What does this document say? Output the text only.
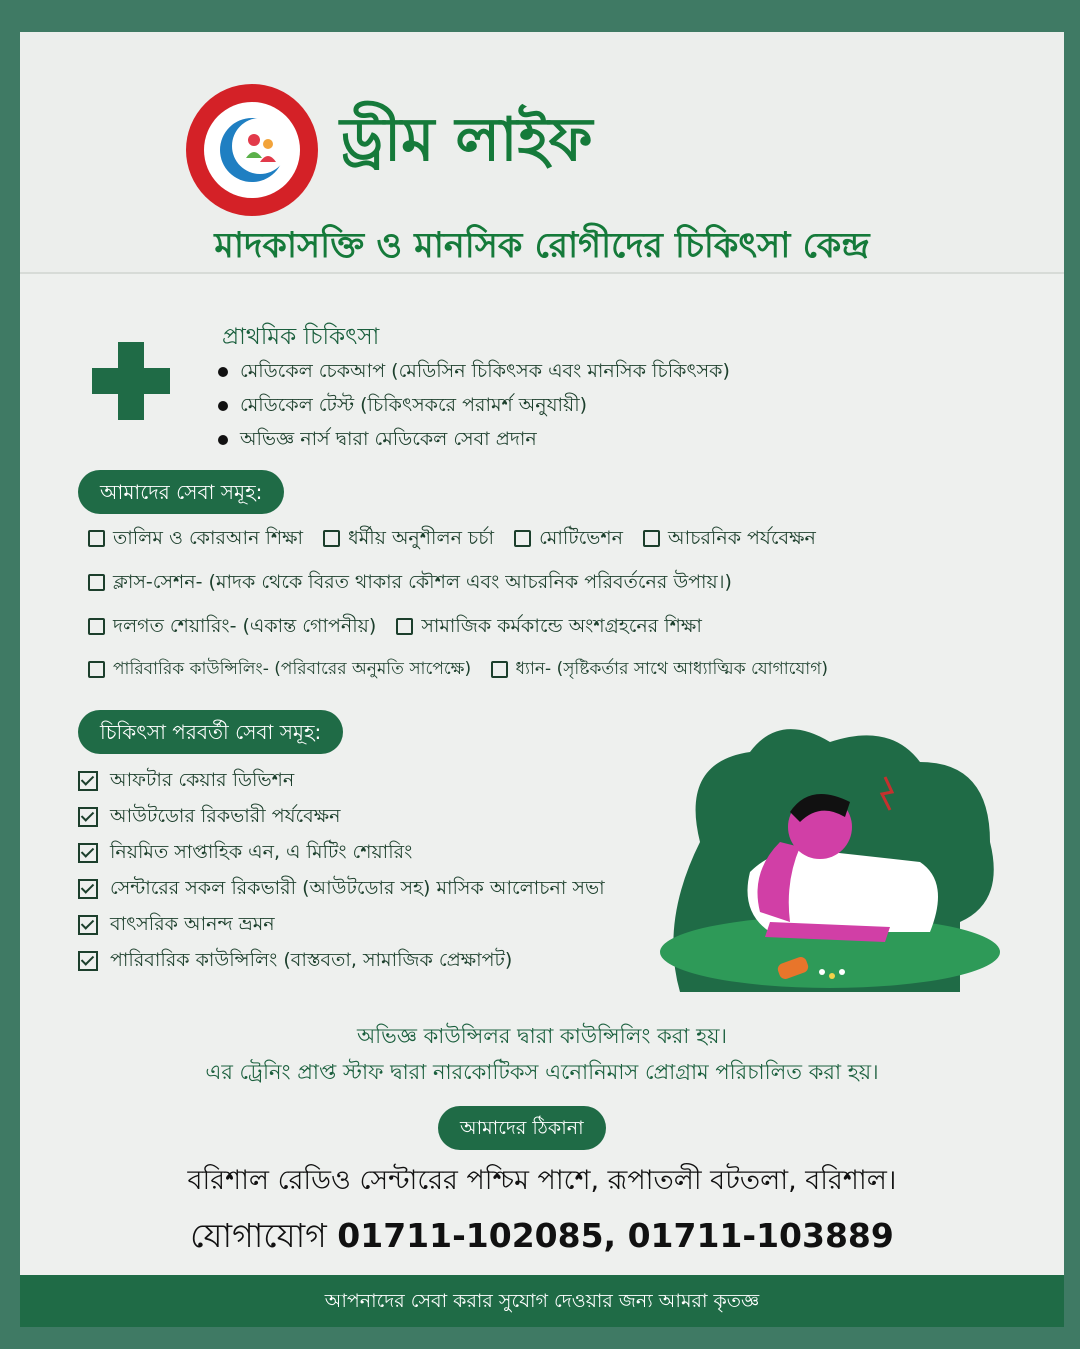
ড্রীম লাইফ
মাদকাসক্তি ও মানসিক রোগীদের চিকিৎসা কেন্দ্র
প্রাথমিক চিকিৎসা
মেডিকেল চেকআপ (মেডিসিন চিকিৎসক এবং মানসিক চিকিৎসক)
মেডিকেল টেস্ট (চিকিৎসকরে পরামর্শ অনুযায়ী)
অভিজ্ঞ নার্স দ্বারা মেডিকেল সেবা প্রদান
আমাদের সেবা সমূহ:
তালিম ও কোরআন শিক্ষা ধর্মীয় অনুশীলন চর্চা মোটিভেশন আচরনিক পর্যবেক্ষন
ক্লাস-সেশন- (মাদক থেকে বিরত থাকার কৌশল এবং আচরনিক পরিবর্তনের উপায়।)
দলগত শেয়ারিং- (একান্ত গোপনীয়) সামাজিক কর্মকান্ডে অংশগ্রহনের শিক্ষা
পারিবারিক কাউন্সিলিং- (পরিবারের অনুমতি সাপেক্ষে)	ধ্যান- (সৃষ্টিকর্তার সাথে আধ্যাত্মিক যোগাযোগ)
চিকিৎসা পরবর্তী সেবা সমূহ:
আফটার কেয়ার ডিভিশন
আউটডোর রিকভারী পর্যবেক্ষন
নিয়মিত সাপ্তাহিক এন, এ মিটিং শেয়ারিং
সেন্টারের সকল রিকভারী (আউটডোর সহ) মাসিক আলোচনা সভা
বাৎসরিক আনন্দ ভ্রমন
পারিবারিক কাউন্সিলিং (বাস্তবতা, সামাজিক প্রেক্ষাপট)
অভিজ্ঞ কাউন্সিলর দ্বারা কাউন্সিলিং করা হয়।
এর ট্রেনিং প্রাপ্ত স্টাফ দ্বারা নারকোটিকস এনোনিমাস প্রোগ্রাম পরিচালিত করা হয়।
আমাদের ঠিকানা
বরিশাল রেডিও সেন্টারের পশ্চিম পাশে, রূপাতলী বটতলা, বরিশাল।
যোগাযোগ 01711-102085, 01711-103889
আপনাদের সেবা করার সুযোগ দেওয়ার জন্য আমরা কৃতজ্ঞ
